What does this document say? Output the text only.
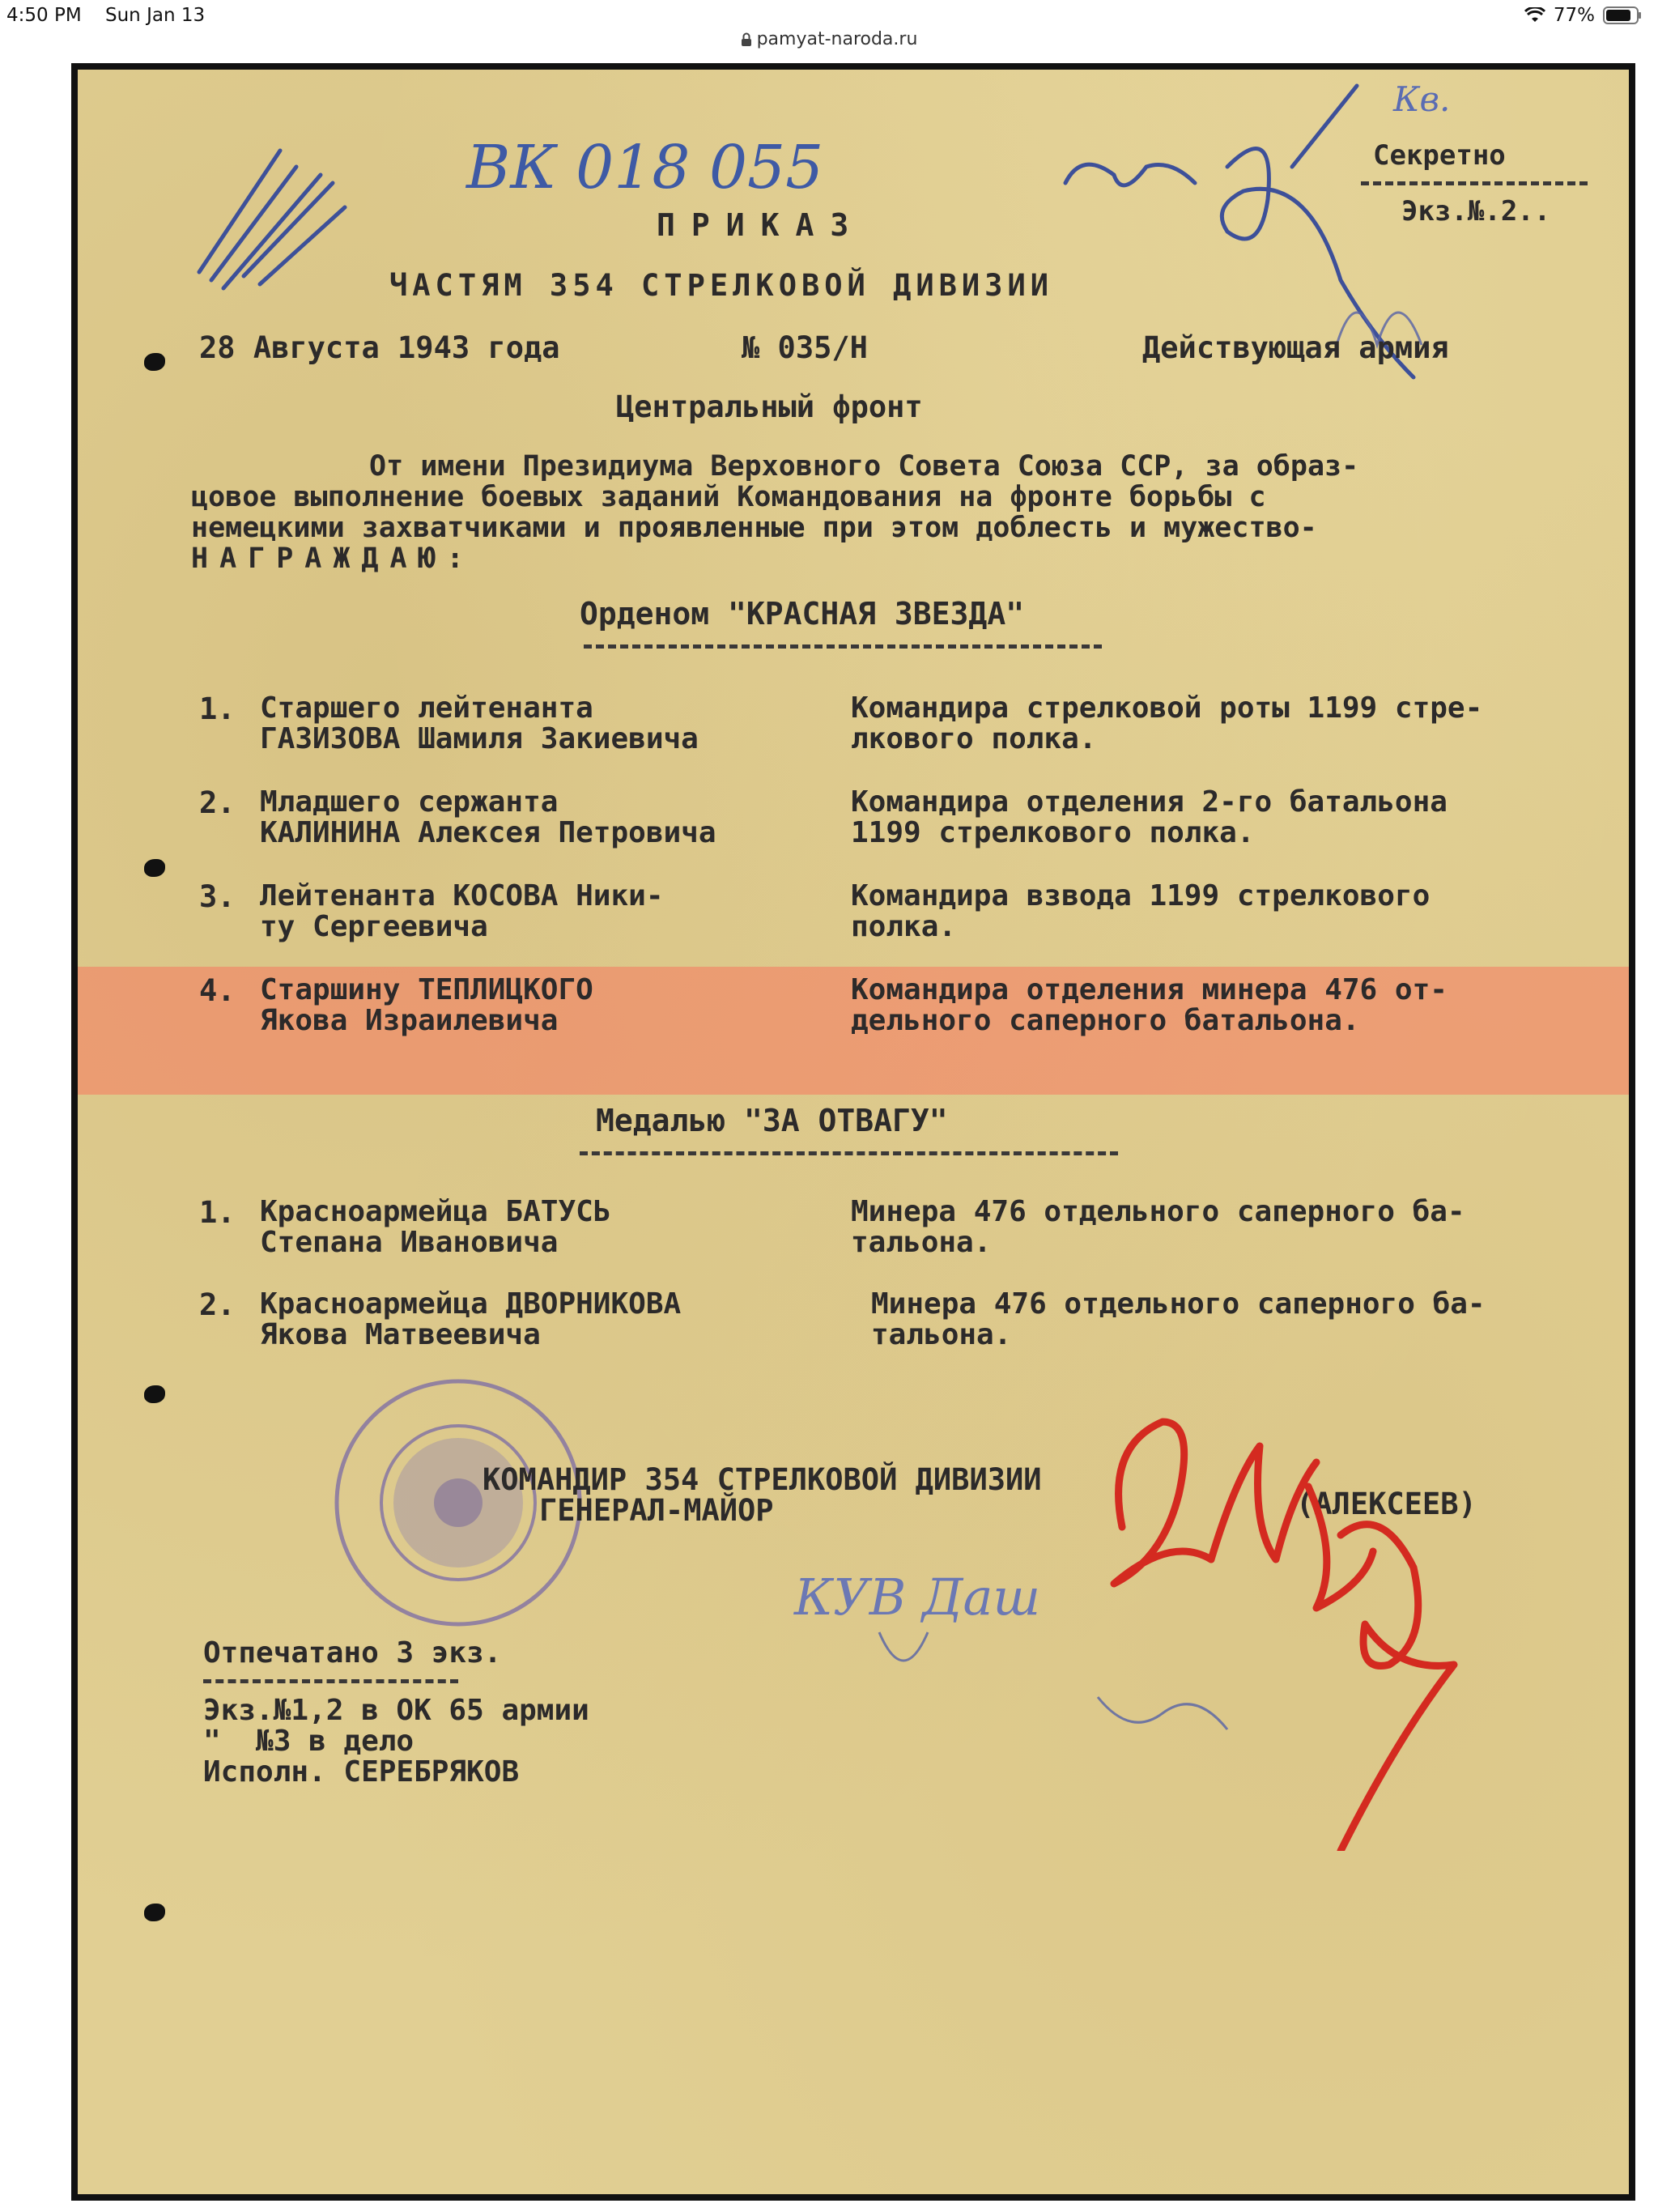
4:50 PM Sun Jan 13	77%
pamyat-naroda.ru
ВК 018 055
Кв.
Секретно
Экз.№.2..
ПРИКАЗ
ЧАСТЯМ 354 СТРЕЛКОВОЙ ДИВИЗИИ
28 Августа 1943 года	№ 035/Н	Действующая армия
Центральный фронт
От имени Президиума Верховного Совета Союза ССР, за образ-
цовое выполнение боевых заданий Командования на фронте борьбы с
немецкими захватчиками и проявленные при этом доблесть и мужество-
НАГРАЖДАЮ:
Орденом "КРАСНАЯ ЗВЕЗДА"
1. Старшего лейтенанта
ГАЗИЗОВА Шамиля Закиевича
Командира стрелковой роты 1199 стре-
лкового полка.
2. Младшего сержанта
КАЛИНИНА Алексея Петровича
Командира отделения 2-го батальона
1199 стрелкового полка.
3. Лейтенанта КОСОВА Ники-
ту Сергеевича
Командира взвода 1199 стрелкового
полка.
4. Старшину ТЕПЛИЦКОГО
Якова Израилевича
Командира отделения минера 476 от-
дельного саперного батальона.
Медалью "ЗА ОТВАГУ"
1. Красноармейца БАТУСЬ
Степана Ивановича
Минера 476 отдельного саперного ба-
тальона.
2. Красноармейца ДВОРНИКОВА
Якова Матвеевича
Минера 476 отдельного саперного ба-
тальона.
КОМАНДИР 354 СТРЕЛКОВОЙ ДИВИЗИИ
ГЕНЕРАЛ-МАЙОР	(АЛЕКСЕЕВ)
КУВ Даш
Отпечатано 3 экз.
Экз.№1,2 в ОК 65 армии
"  №3 в дело
Исполн. СЕРЕБРЯКОВ
